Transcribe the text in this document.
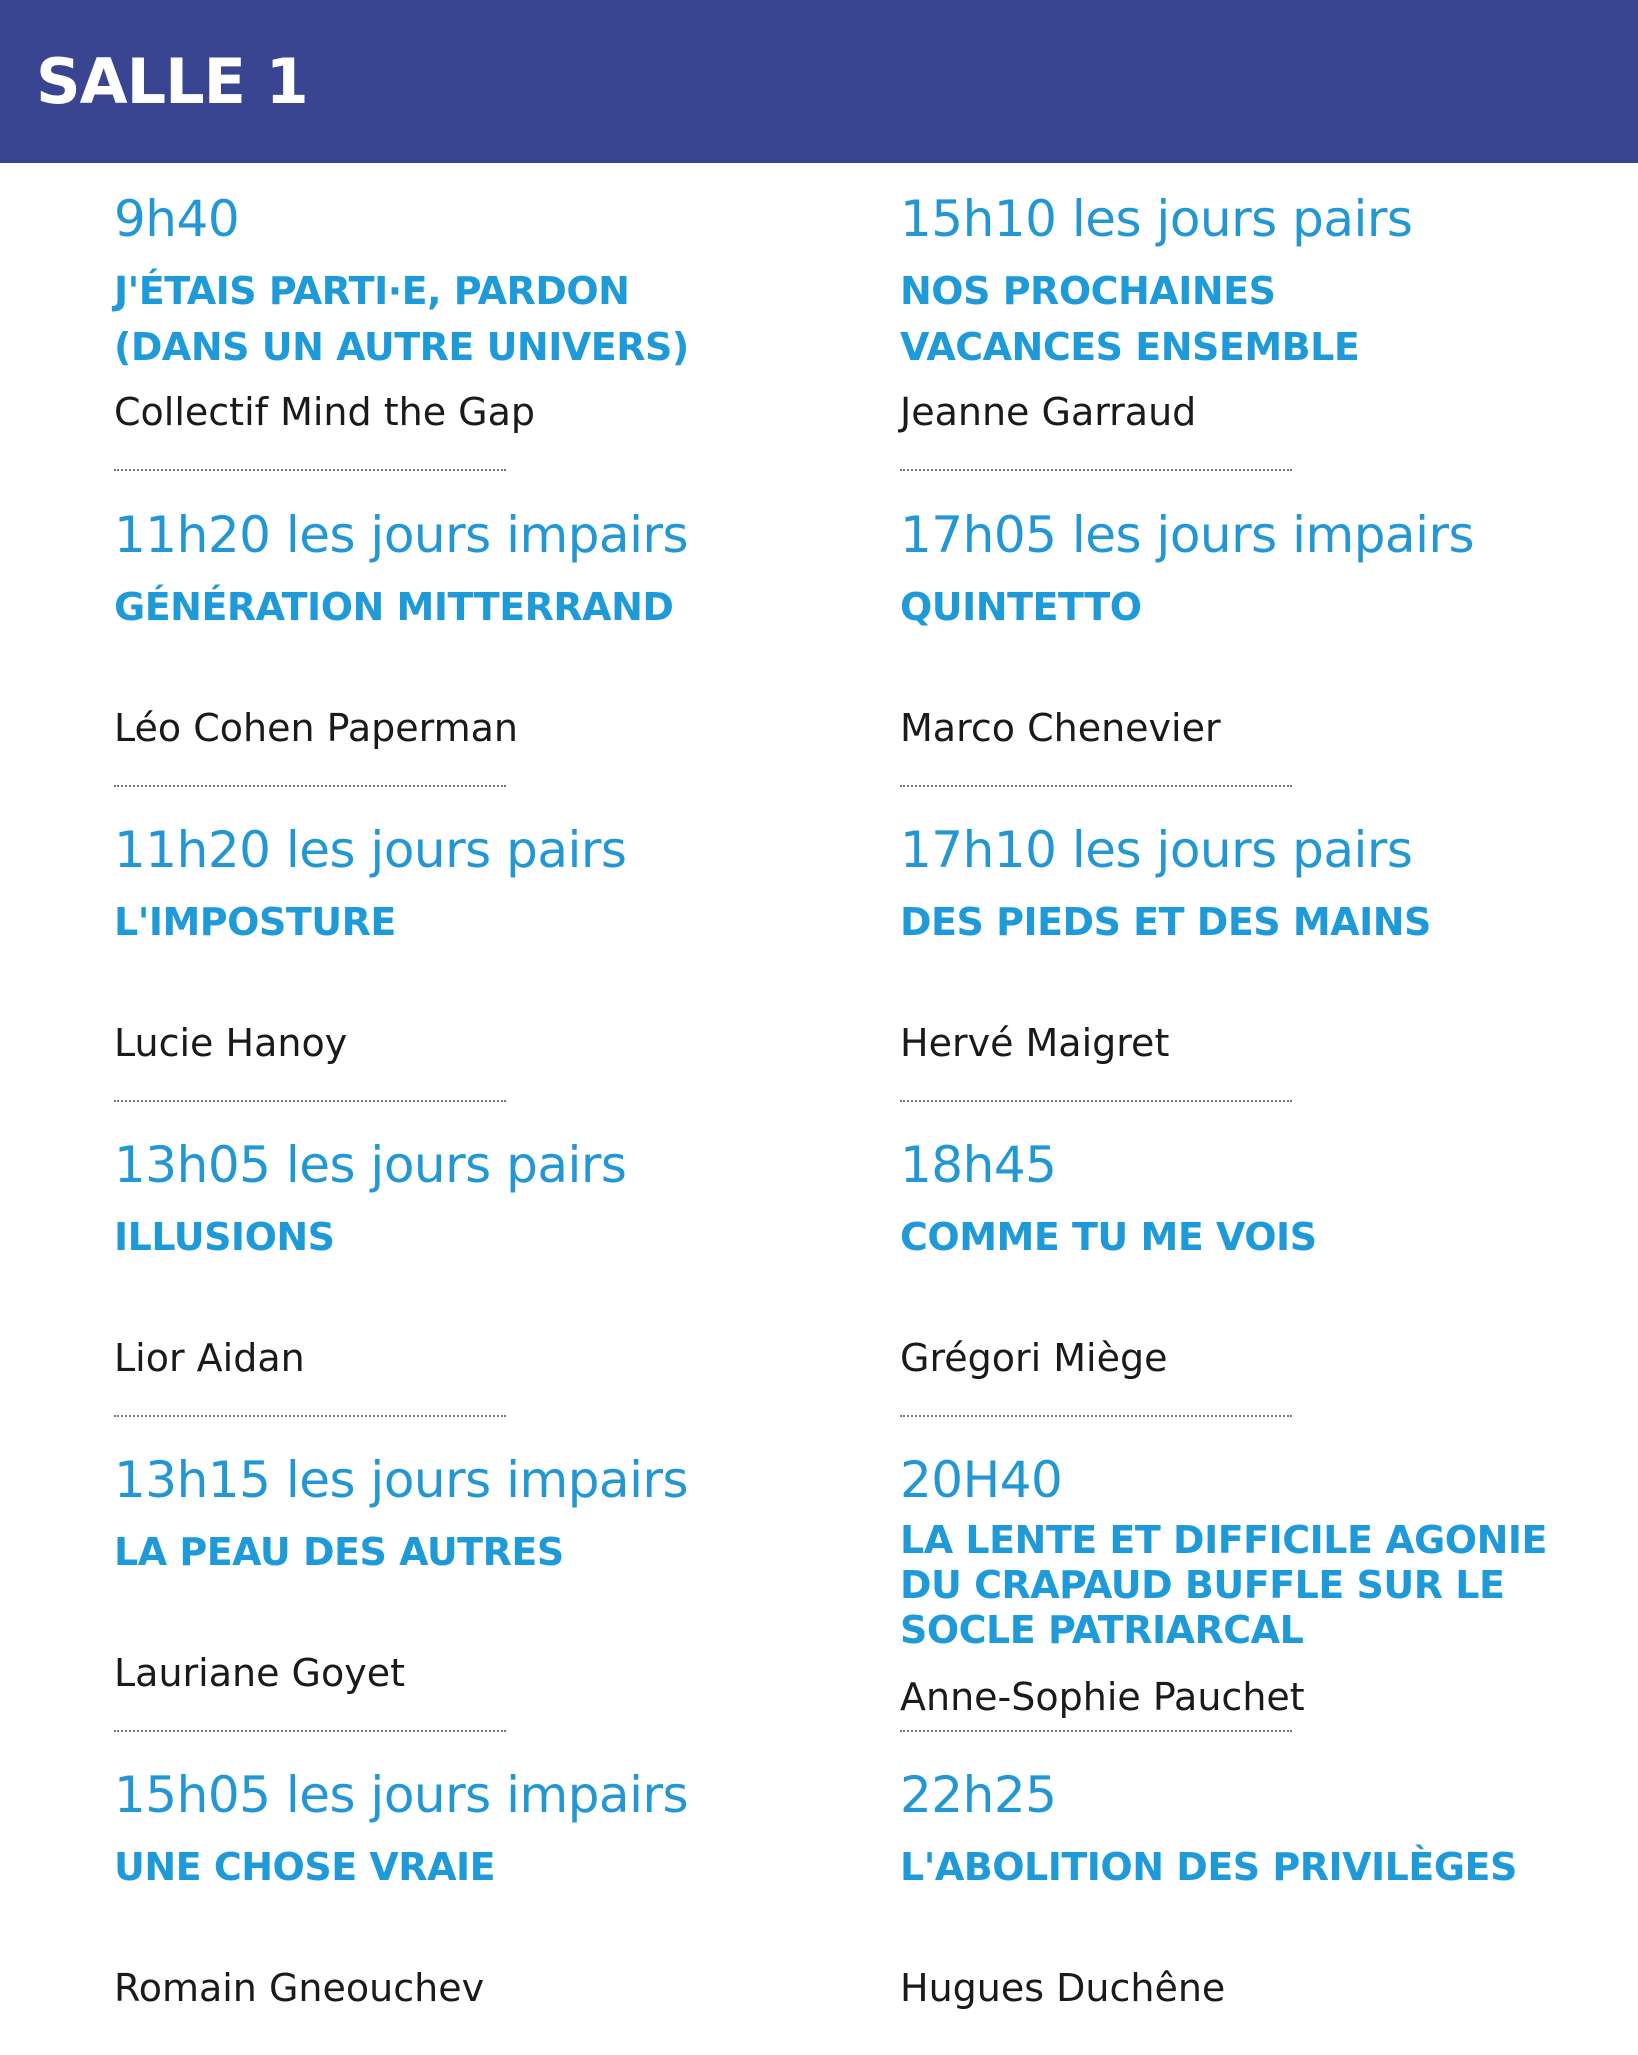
SALLE 1
9h40
J'ÉTAIS PARTI·E, PARDON
(DANS UN AUTRE UNIVERS)
Collectif Mind the Gap
11h20 les jours impairs
GÉNÉRATION MITTERRAND
Léo Cohen Paperman
11h20 les jours pairs
L'IMPOSTURE
Lucie Hanoy
13h05 les jours pairs
ILLUSIONS
Lior Aidan
13h15 les jours impairs
LA PEAU DES AUTRES
Lauriane Goyet
15h05 les jours impairs
UNE CHOSE VRAIE
Romain Gneouchev
15h10 les jours pairs
NOS PROCHAINES
VACANCES ENSEMBLE
Jeanne Garraud
17h05 les jours impairs
QUINTETTO
Marco Chenevier
17h10 les jours pairs
DES PIEDS ET DES MAINS
Hervé Maigret
18h45
COMME TU ME VOIS
Grégori Miège
20H40
LA LENTE ET DIFFICILE AGONIE
DU CRAPAUD BUFFLE SUR LE
SOCLE PATRIARCAL
Anne-Sophie Pauchet
22h25
L'ABOLITION DES PRIVILÈGES
Hugues Duchêne
